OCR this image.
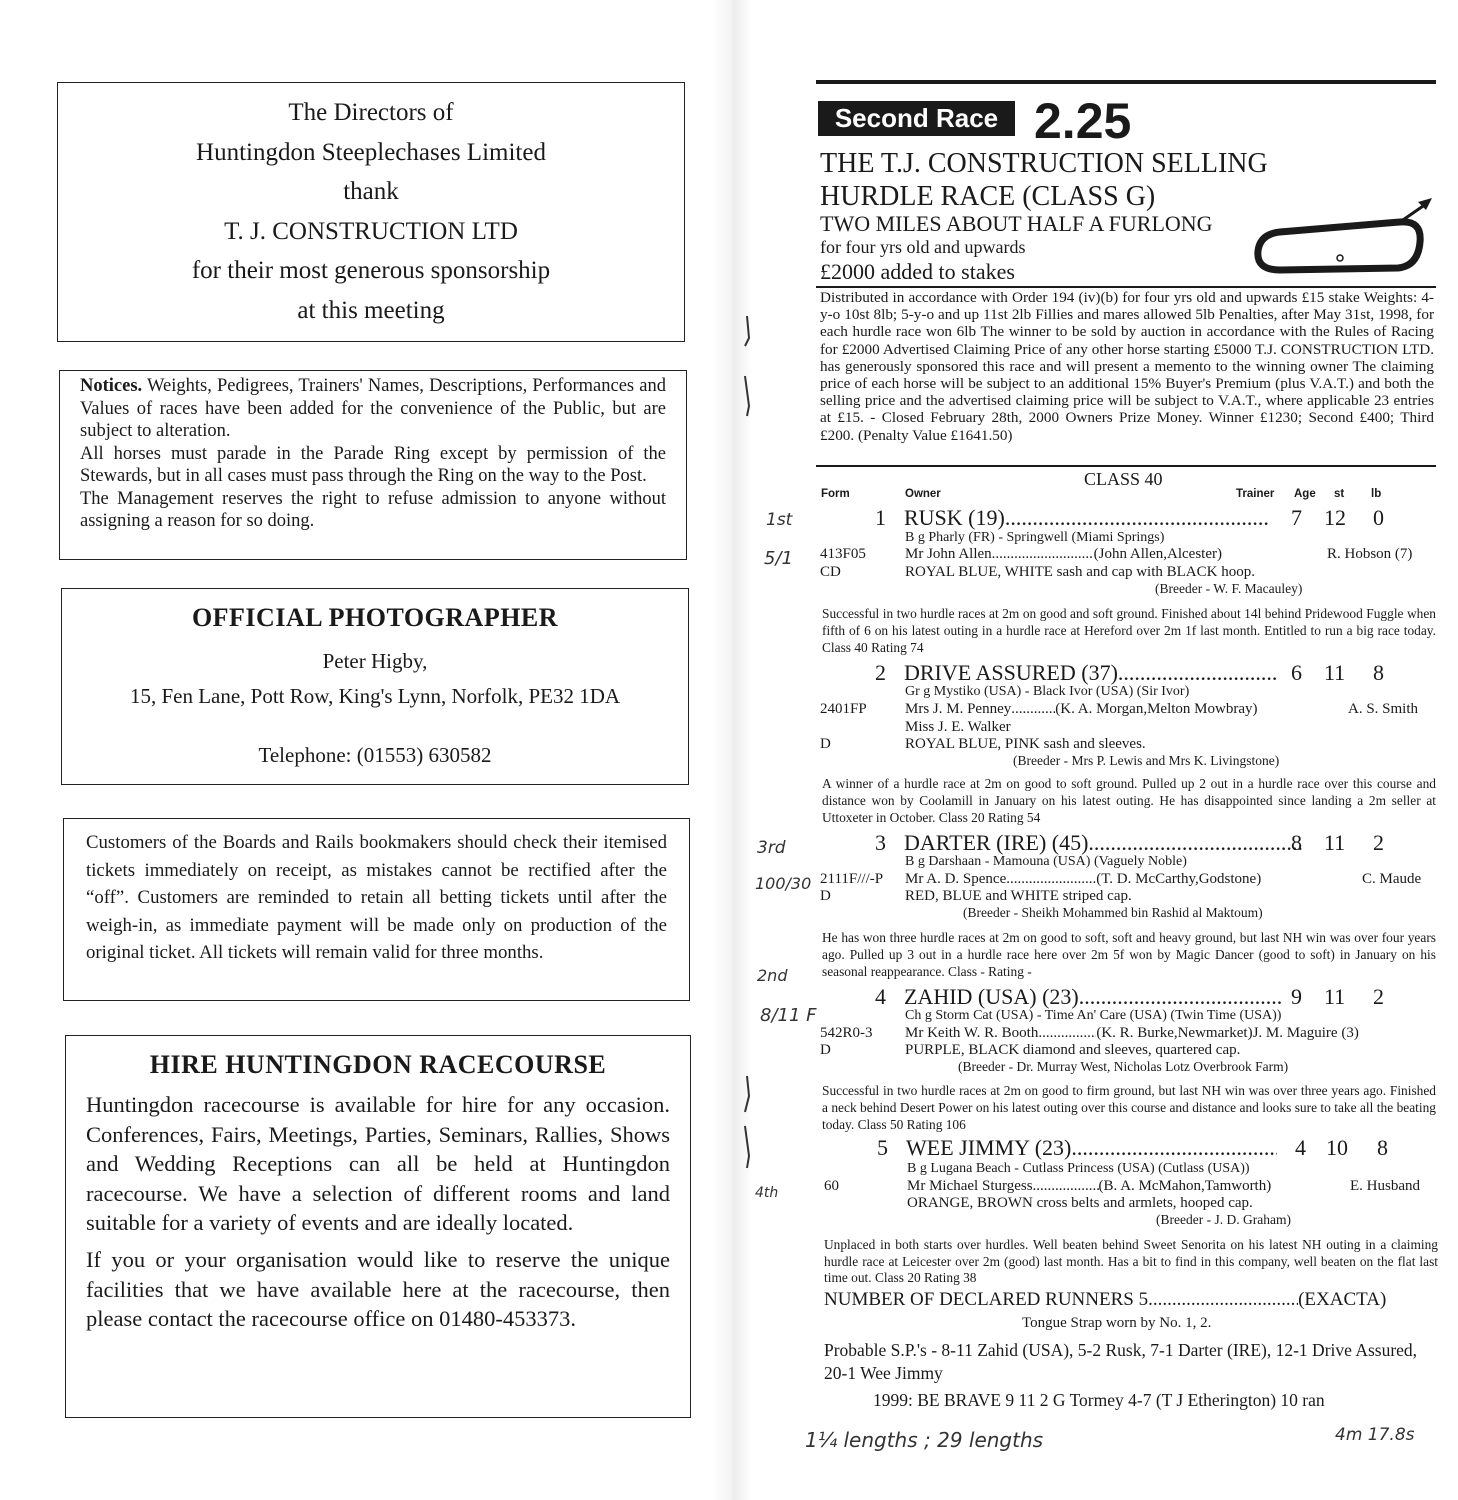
The Directors of
Huntingdon Steeplechases Limited
thank
T. J. CONSTRUCTION LTD
for their most generous sponsorship
at this meeting
Notices. Weights, Pedigrees, Trainers' Names, Descriptions, Performances and Values of races have been added for the convenience of the Public, but are subject to alteration.
All horses must parade in the Parade Ring except by permission of the Stewards, but in all cases must pass through the Ring on the way to the Post.
The Management reserves the right to refuse admission to anyone without assigning a reason for so doing.
OFFICIAL PHOTOGRAPHER
Peter Higby,
15, Fen Lane, Pott Row, King's Lynn, Norfolk, PE32 1DA
Telephone: (01553) 630582
Customers of the Boards and Rails bookmakers should check their itemised tickets immediately on receipt, as mistakes cannot be rectified after the “off”. Customers are reminded to retain all betting tickets until after the weigh-in, as immediate payment will be made only on production of the original ticket. All tickets will remain valid for three months.
HIRE HUNTINGDON RACECOURSE
Huntingdon racecourse is available for hire for any occasion. Conferences, Fairs, Meetings, Parties, Seminars, Rallies, Shows and Wedding Receptions can all be held at Huntingdon racecourse. We have a selection of different rooms and land suitable for a variety of events and are ideally located.
If you or your organisation would like to reserve the unique facilities that we have available here at the racecourse, then please contact the racecourse office on 01480-453373.
Second Race 2.25
THE T.J. CONSTRUCTION SELLING
HURDLE RACE (CLASS G)
TWO MILES ABOUT HALF A FURLONG
for four yrs old and upwards
£2000 added to stakes
Distributed in accordance with Order 194 (iv)(b) for four yrs old and upwards £15 stake Weights: 4-y-o 10st 8lb; 5-y-o and up 11st 2lb Fillies and mares allowed 5lb Penalties, after May 31st, 1998, for each hurdle race won 6lb The winner to be sold by auction in accordance with the Rules of Racing for £2000 Advertised Claiming Price of any other horse starting £5000 T.J. CONSTRUCTION LTD. has generously sponsored this race and will present a memento to the winning owner The claiming price of each horse will be subject to an additional 15% Buyer's Premium (plus V.A.T.) and both the selling price and the advertised claiming price will be subject to V.A.T., where applicable 23 entries at £15. - Closed February 28th, 2000 Owners Prize Money. Winner £1230; Second £400; Third £200. (Penalty Value £1641.50)
CLASS 40
Form	Owner	Trainer Age st lb
1 RUSK (19) .....	7 12 0
B g Pharly (FR) - Springwell (Miami Springs)
413F05	Mr John Allen .....	(John Allen,Alcester)	R. Hobson (7)
CD	ROYAL BLUE, WHITE sash and cap with BLACK hoop.
(Breeder - W. F. Macauley)
Successful in two hurdle races at 2m on good and soft ground. Finished about 14l behind Pridewood Fuggle when fifth of 6 on his latest outing in a hurdle race at Hereford over 2m 1f last month. Entitled to run a big race today. Class 40 Rating 74
2 DRIVE ASSURED (37) .....	6 11 8
Gr g Mystiko (USA) - Black Ivor (USA) (Sir Ivor)
2401FP	Mrs J. M. Penney .....	(K. A. Morgan,Melton Mowbray)	A. S. Smith
Miss J. E. Walker
D	ROYAL BLUE, PINK sash and sleeves.
(Breeder - Mrs P. Lewis and Mrs K. Livingstone)
A winner of a hurdle race at 2m on good to soft ground. Pulled up 2 out in a hurdle race over this course and distance won by Coolamill in January on his latest outing. He has disappointed since landing a 2m seller at Uttoxeter in October. Class 20 Rating 54
3 DARTER (IRE) (45) .....	8 11 2
B g Darshaan - Mamouna (USA) (Vaguely Noble)
2111F///-P Mr A. D. Spence .....	(T. D. McCarthy,Godstone)	C. Maude
D	RED, BLUE and WHITE striped cap.
(Breeder - Sheikh Mohammed bin Rashid al Maktoum)
He has won three hurdle races at 2m on good to soft, soft and heavy ground, but last NH win was over four years ago. Pulled up 3 out in a hurdle race here over 2m 5f won by Magic Dancer (good to soft) in January on his seasonal reappearance. Class - Rating -
4 ZAHID (USA) (23) .....	9 11 2
Ch g Storm Cat (USA) - Time An' Care (USA) (Twin Time (USA))
542R0-3 Mr Keith W. R. Booth .....	(K. R. Burke,Newmarket)J. M. Maguire (3)
D	PURPLE, BLACK diamond and sleeves, quartered cap.
(Breeder - Dr. Murray West, Nicholas Lotz Overbrook Farm)
Successful in two hurdle races at 2m on good to firm ground, but last NH win was over three years ago. Finished a neck behind Desert Power on his latest outing over this course and distance and looks sure to take all the beating today. Class 50 Rating 106
5 WEE JIMMY (23) .....	4 10 8
B g Lugana Beach - Cutlass Princess (USA) (Cutlass (USA))
60	Mr Michael Sturgess .....	(B. A. McMahon,Tamworth)	E. Husband
ORANGE, BROWN cross belts and armlets, hooped cap.
(Breeder - J. D. Graham)
Unplaced in both starts over hurdles. Well beaten behind Sweet Senorita on his latest NH outing in a claiming hurdle race at Leicester over 2m (good) last month. Has a bit to find in this company, well beaten on the flat last time out. Class 20 Rating 38
NUMBER OF DECLARED RUNNERS 5 .....	(EXACTA)
Tongue Strap worn by No. 1, 2.
Probable S.P.'s - 8-11 Zahid (USA), 5-2 Rusk, 7-1 Darter (IRE), 12-1 Drive Assured, 20-1 Wee Jimmy
1999: BE BRAVE 9 11 2 G Tormey 4-7 (T J Etherington) 10 ran
1st
5/1
3rd
100/30
2nd
8/11 F
4th
1¼ lengths ; 29 lengths	4m 17.8s
